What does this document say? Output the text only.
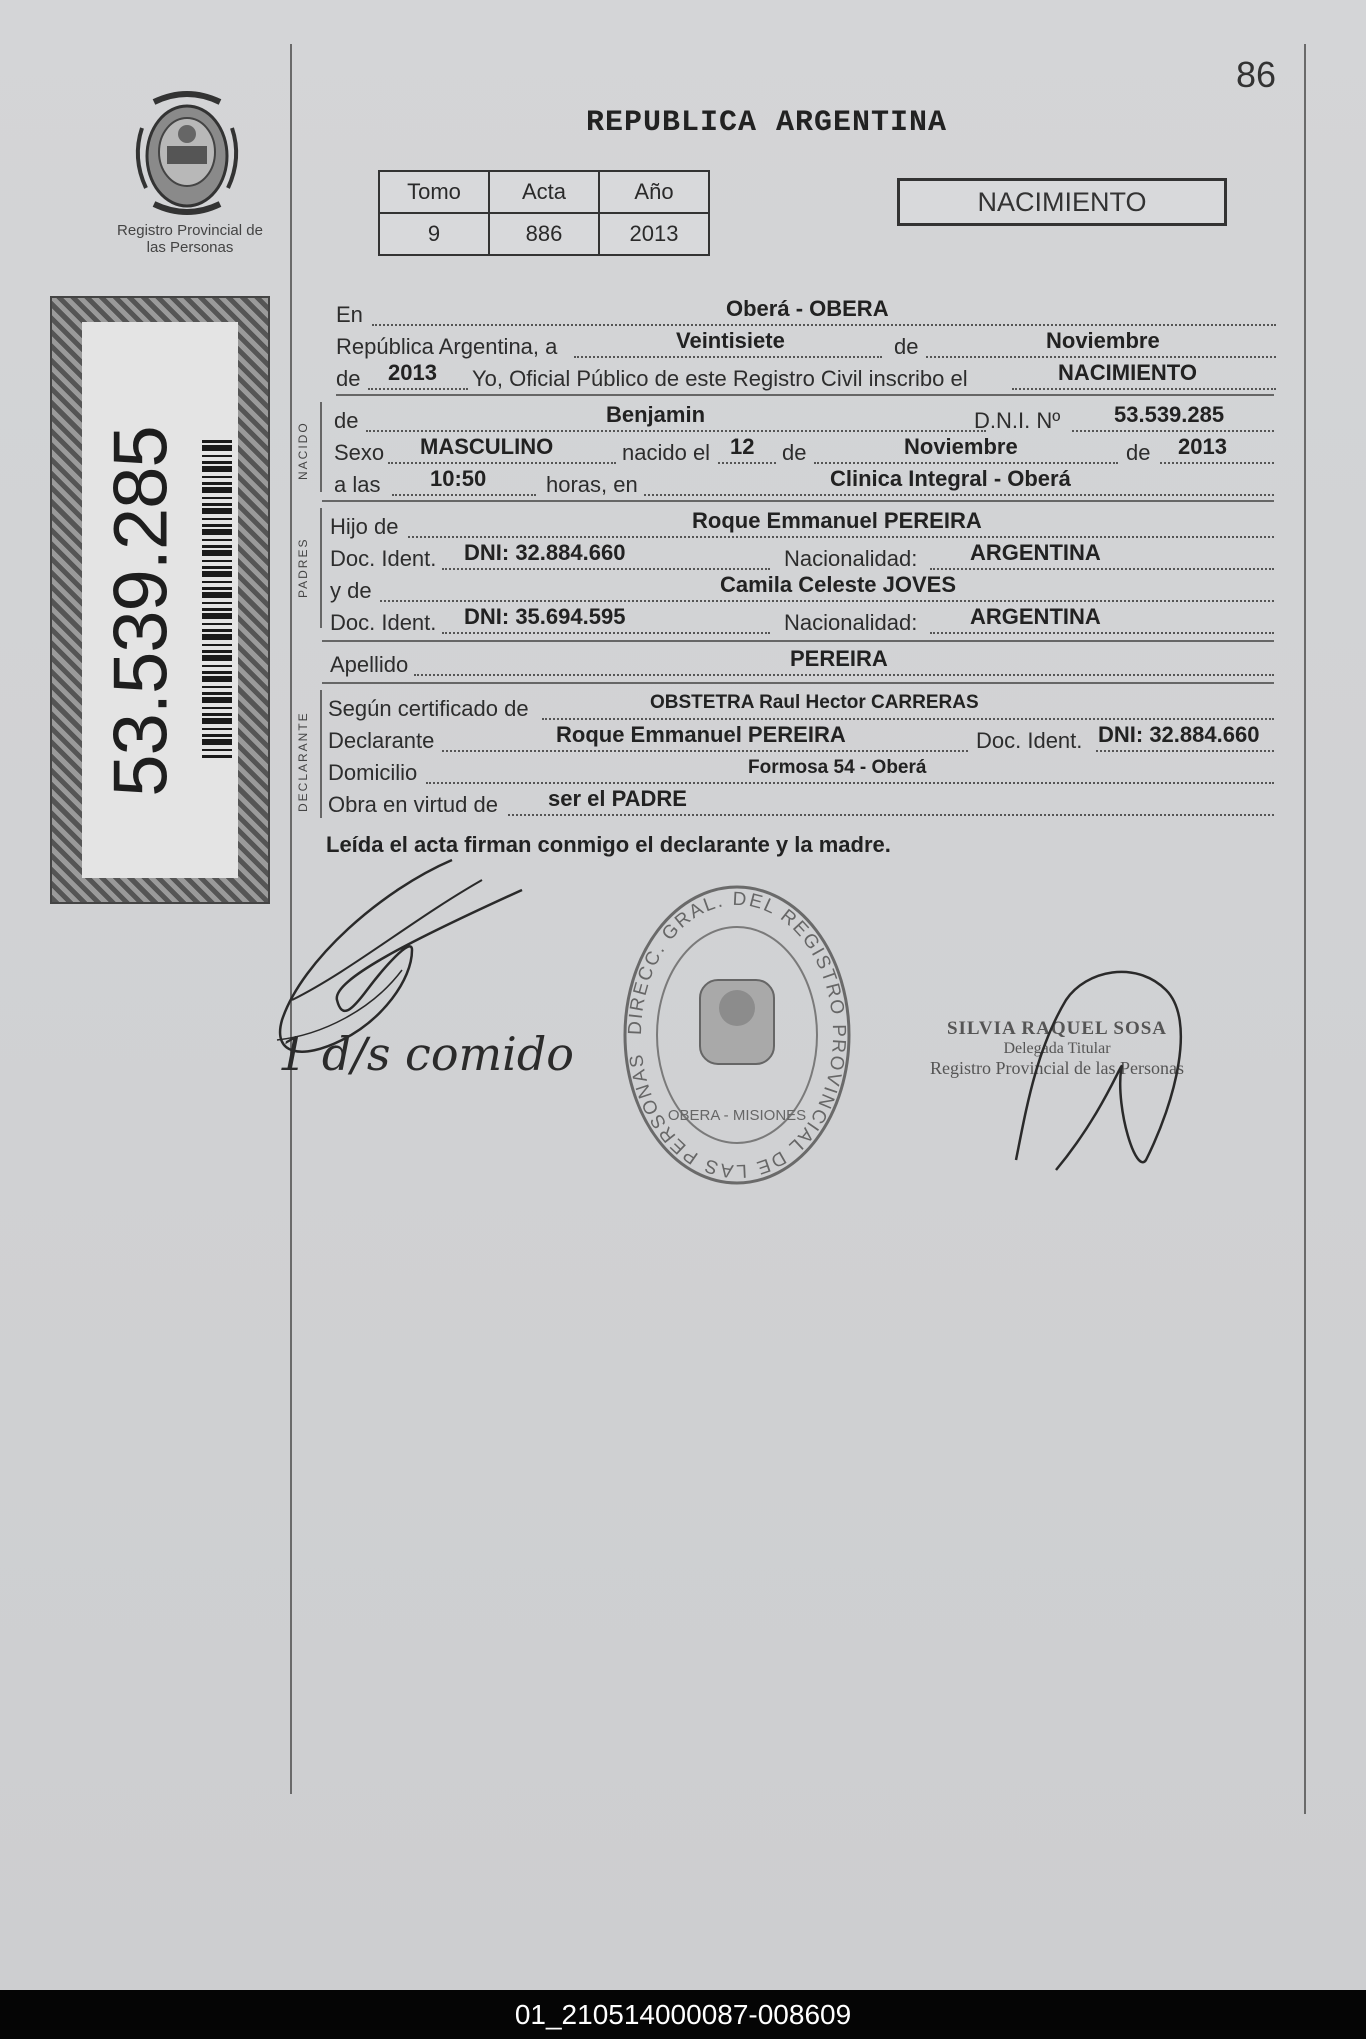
86
REPUBLICA ARGENTINA
Registro Provincial de las Personas
Tomo	Acta	Año
9	886	2013
NACIMIENTO
53.539.285
En	Oberá - OBERA
República Argentina, a	Veintisiete	de	Noviembre
de 2013 Yo, Oficial Público de este Registro Civil inscribo el	NACIMIENTO
NACIDO
de	Benjamin	D.N.I. Nº 53.539.285
Sexo MASCULINO	nacido el 12 de	Noviembre	de 2013
a las 10:50	horas, en	Clinica Integral - Oberá
PADRES
Hijo de	Roque Emmanuel PEREIRA
Doc. Ident. DNI: 32.884.660	Nacionalidad: ARGENTINA
y de	Camila Celeste JOVES
Doc. Ident. DNI: 35.694.595	Nacionalidad: ARGENTINA
Apellido	PEREIRA
DECLARANTE
Según certificado de	OBSTETRA Raul Hector CARRERAS
Declarante	Roque Emmanuel PEREIRA	Doc. Ident. DNI: 32.884.660
Domicilio	Formosa 54 - Oberá
Obra en virtud de ser el PADRE
Leída el acta firman conmigo el declarante y la madre.
1 d/s comido	DIRECC. GRAL. DEL REGISTRO PROVINCIAL DE LAS PERSONAS
OBERA - MISIONES
SILVIA RAQUEL SOSA
Delegada Titular
Registro Provincial de las Personas
01_210514000087-008609
